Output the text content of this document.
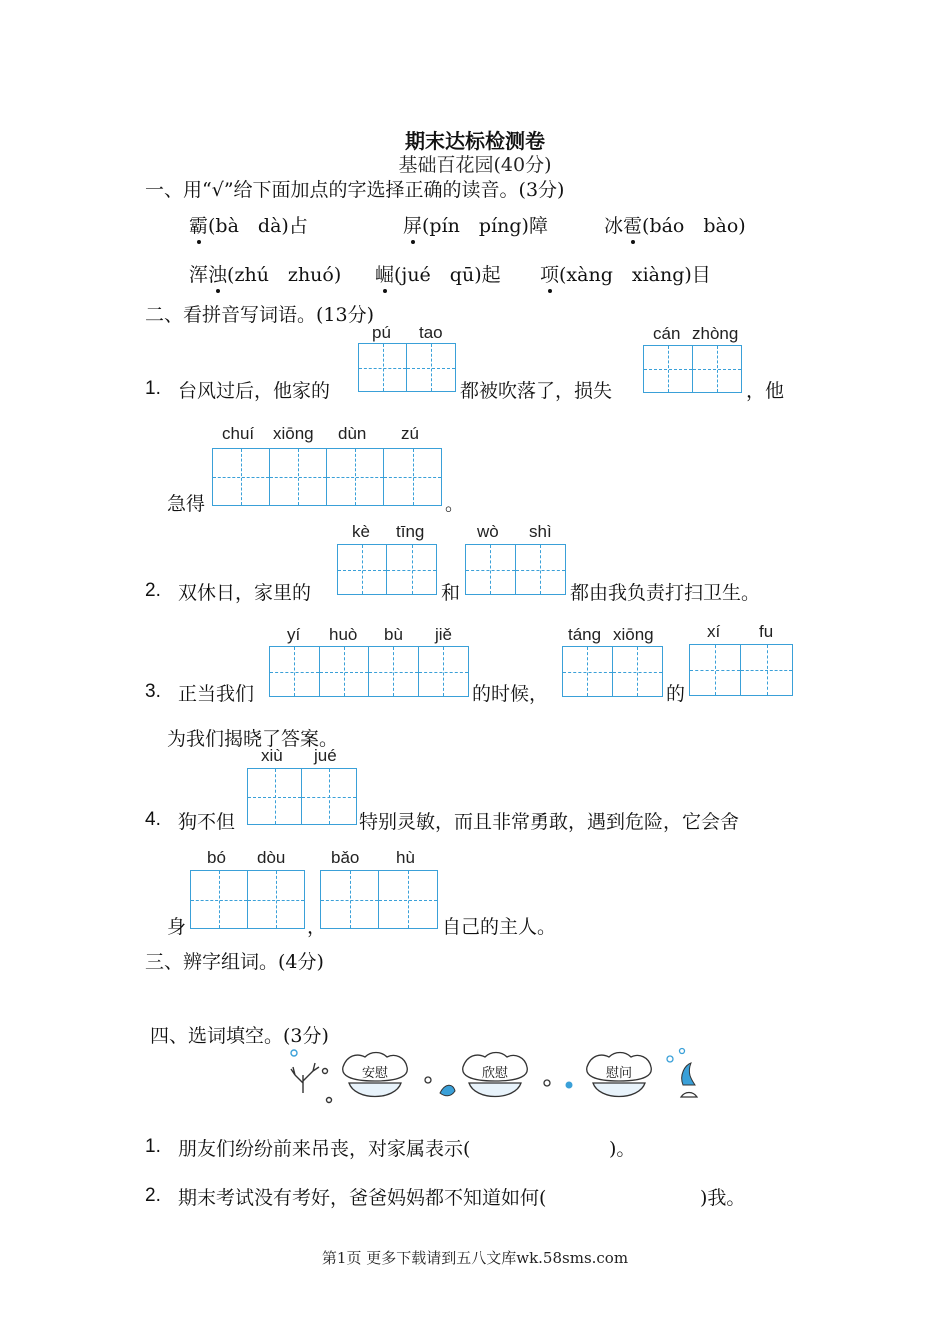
期末达标检测卷
基础百花园(40分)
一、用“√”给下面加点的字选择正确的读音。(3分)
霸(bà　dà)占	屏(pín　píng)障	冰雹(báo　bào)
浑浊(zhú　zhuó) 崛(jué　qū)起 项(xàng　xiàng)目
二、看拼音写词语。(13分)
pú tao	cán zhòng
1. 台风过后，他家的	都被吹落了，损失	，他
chuí xiōng dùn zú
急得	。
kè tīng	wò shì
2. 双休日，家里的	和	都由我负责打扫卫生。
yí huò bù jiě	táng xiōng	xí fu
3. 正当我们	的时候，	的
为我们揭晓了答案。
xiù jué
4. 狗不但	特别灵敏，而且非常勇敢，遇到危险，它会舍
bó dòu	bǎo hù
身	，	自己的主人。
三、辨字组词。(4分)
四、选词填空。(3分)
安慰	欣慰	慰问
1. 朋友们纷纷前来吊丧，对家属表示(	)。
2. 期末考试没有考好，爸爸妈妈都不知道如何(	)我。
第1页 更多下载请到五八文库wk.58sms.com
